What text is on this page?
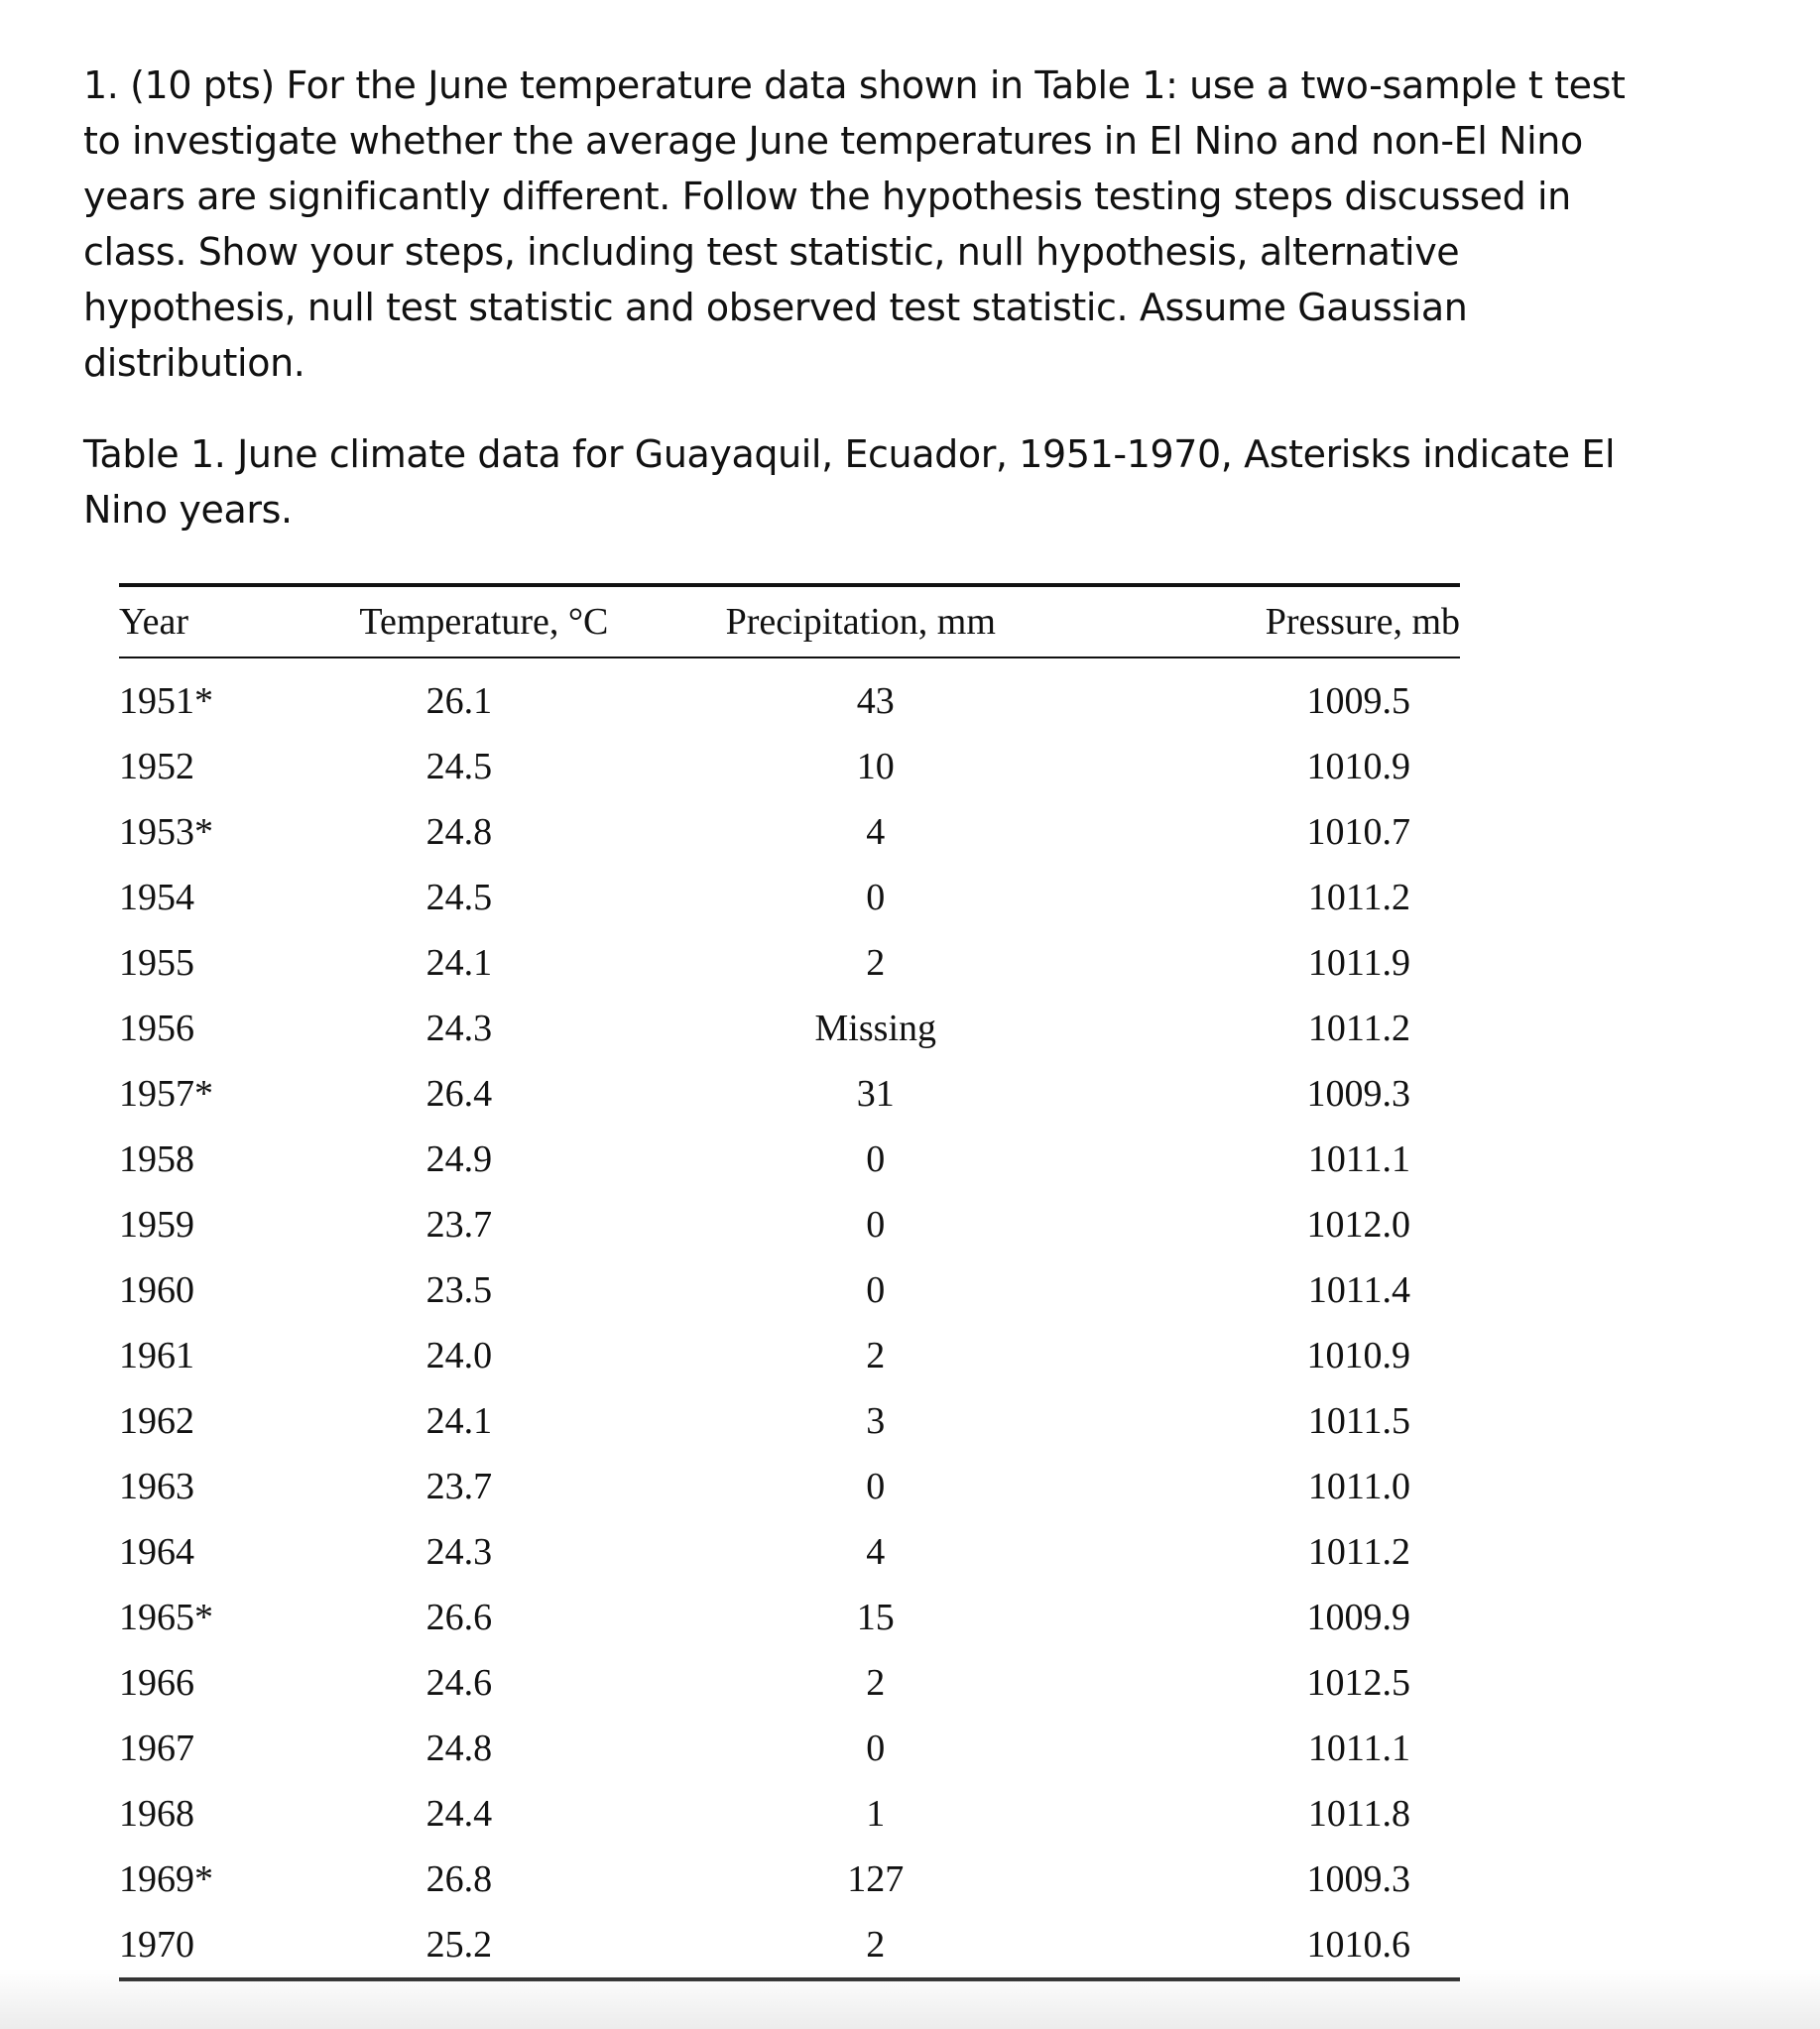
1. (10 pts) For the June temperature data shown in Table 1: use a two-sample t test
to investigate whether the average June temperatures in El Nino and non-El Nino
years are significantly different. Follow the hypothesis testing steps discussed in
class. Show your steps, including test statistic, null hypothesis, alternative
hypothesis, null test statistic and observed test statistic. Assume Gaussian
distribution.

Table 1. June climate data for Guayaquil, Ecuador, 1951-1970, Asterisks indicate El
Nino years.

Year	Temperature, °C	Precipitation, mm	Pressure, mb
1951*	26.1	43	1009.5
1952	24.5	10	1010.9
1953*	24.8	4	1010.7
1954	24.5	0	1011.2
1955	24.1	2	1011.9
1956	24.3	Missing	1011.2
1957*	26.4	31	1009.3
1958	24.9	0	1011.1
1959	23.7	0	1012.0
1960	23.5	0	1011.4
1961	24.0	2	1010.9
1962	24.1	3	1011.5
1963	23.7	0	1011.0
1964	24.3	4	1011.2
1965*	26.6	15	1009.9
1966	24.6	2	1012.5
1967	24.8	0	1011.1
1968	24.4	1	1011.8
1969*	26.8	127	1009.3
1970	25.2	2	1010.6
